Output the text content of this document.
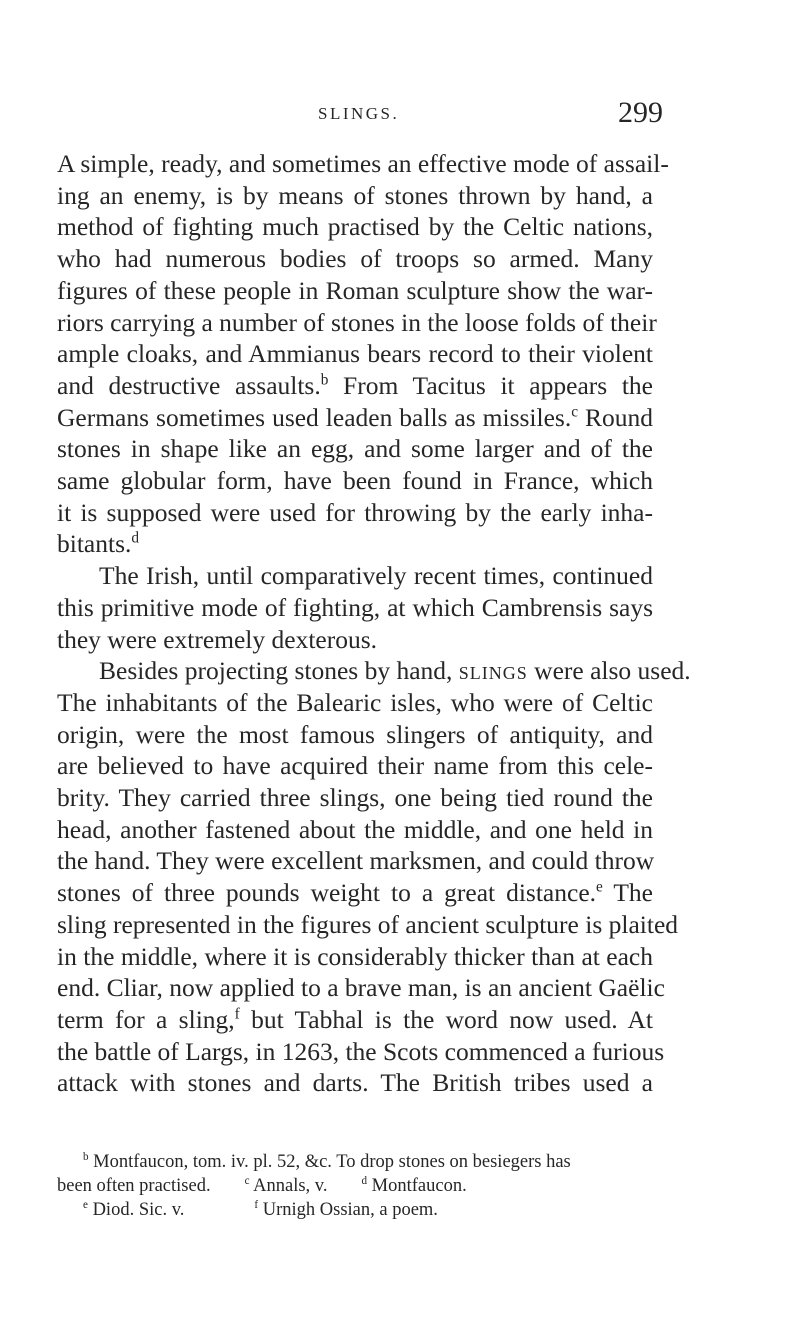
SLINGS.	299
A simple, ready, and sometimes an effective mode of assail-
ing an enemy, is by means of stones thrown by hand, a
method of fighting much practised by the Celtic nations,
who had numerous bodies of troops so armed. Many
figures of these people in Roman sculpture show the war-
riors carrying a number of stones in the loose folds of their
ample cloaks, and Ammianus bears record to their violent
and destructive assaults.$^b$ From Tacitus it appears the
Germans sometimes used leaden balls as missiles.$^c$ Round
stones in shape like an egg, and some larger and of the
same globular form, have been found in France, which
it is supposed were used for throwing by the early inha-
bitants.$^d$
The Irish, until comparatively recent times, continued
this primitive mode of fighting, at which Cambrensis says
they were extremely dexterous.
Besides projecting stones by hand, slings were also used.
The inhabitants of the Balearic isles, who were of Celtic
origin, were the most famous slingers of antiquity, and
are believed to have acquired their name from this cele-
brity. They carried three slings, one being tied round the
head, another fastened about the middle, and one held in
the hand. They were excellent marksmen, and could throw
stones of three pounds weight to a great distance.$^e$ The
sling represented in the figures of ancient sculpture is plaited
in the middle, where it is considerably thicker than at each
end. Cliar, now applied to a brave man, is an ancient Gaëlic
term for a sling,$^f$ but Tabhal is the word now used. At
the battle of Largs, in 1263, the Scots commenced a furious
attack with stones and darts. The British tribes used a
$^b$ Montfaucon, tom. iv. pl. 52, &c. To drop stones on besiegers has
been often practised.	$^c$ Annals, v.	$^d$ Montfaucon.
$^e$ Diod. Sic. v.	$^f$ Urnigh Ossian, a poem.
